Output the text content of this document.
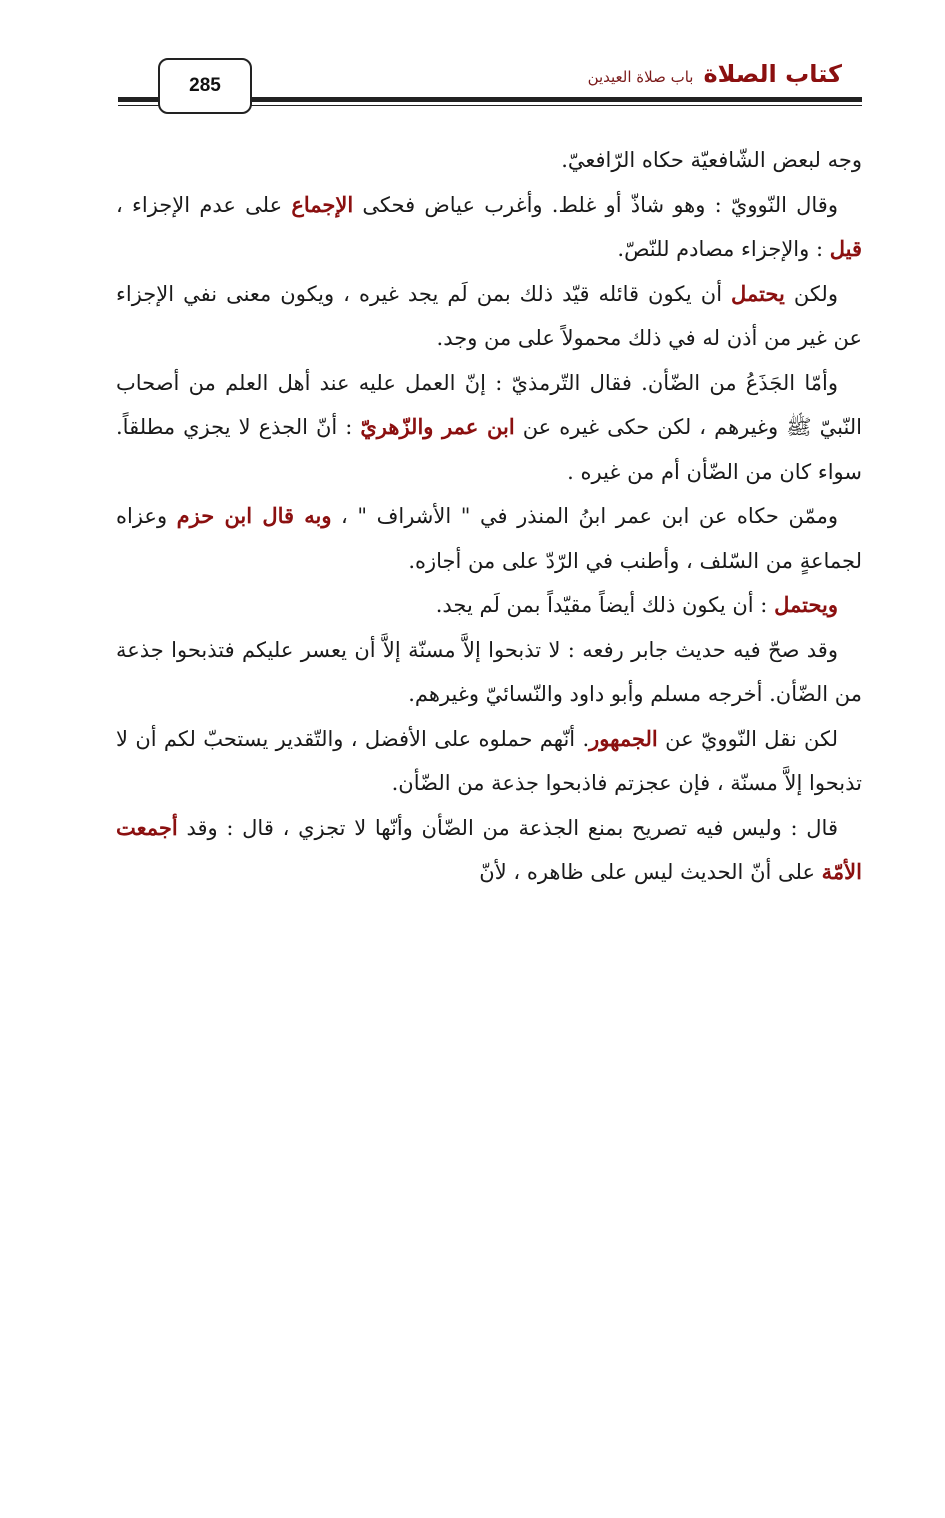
285	كتاب الصلاةباب صلاة العيدين

وجه لبعض الشّافعيّة حكاه الرّافعيّ.

وقال النّوويّ : وهو شاذّ أو غلط. وأغرب عياض فحكى الإجماع على عدم الإجزاء ، قيل : والإجزاء مصادم للنّصّ.

ولكن يحتمل أن يكون قائله قيّد ذلك بمن لَم يجد غيره ، ويكون معنى نفي الإجزاء عن غير من أذن له في ذلك محمولاً على من وجد.

وأمّا الجَذَعُ من الضّأن. فقال التّرمذيّ : إنّ العمل عليه عند أهل العلم من أصحاب النّبيّ ﷺ وغيرهم ، لكن حكى غيره عن ابن عمر والزّهريّ : أنّ الجذع لا يجزي مطلقاً. سواء كان من الضّأن أم من غيره .

وممّن حكاه عن ابن عمر ابنُ المنذر في " الأشراف " ، وبه قال ابن حزم وعزاه لجماعةٍ من السّلف ، وأطنب في الرّدّ على من أجازه.

ويحتمل : أن يكون ذلك أيضاً مقيّداً بمن لَم يجد.

وقد صحّ فيه حديث جابر رفعه : لا تذبحوا إلاَّ مسنّة إلاَّ أن يعسر عليكم فتذبحوا جذعة من الضّأن. أخرجه مسلم وأبو داود والنّسائيّ وغيرهم.

لكن نقل النّوويّ عن الجمهور. أنّهم حملوه على الأفضل ، والتّقدير يستحبّ لكم أن لا تذبحوا إلاَّ مسنّة ، فإن عجزتم فاذبحوا جذعة من الضّأن.

قال : وليس فيه تصريح بمنع الجذعة من الضّأن وأنّها لا تجزي ، قال : وقد أجمعت الأمّة على أنّ الحديث ليس على ظاهره ، لأنّ
